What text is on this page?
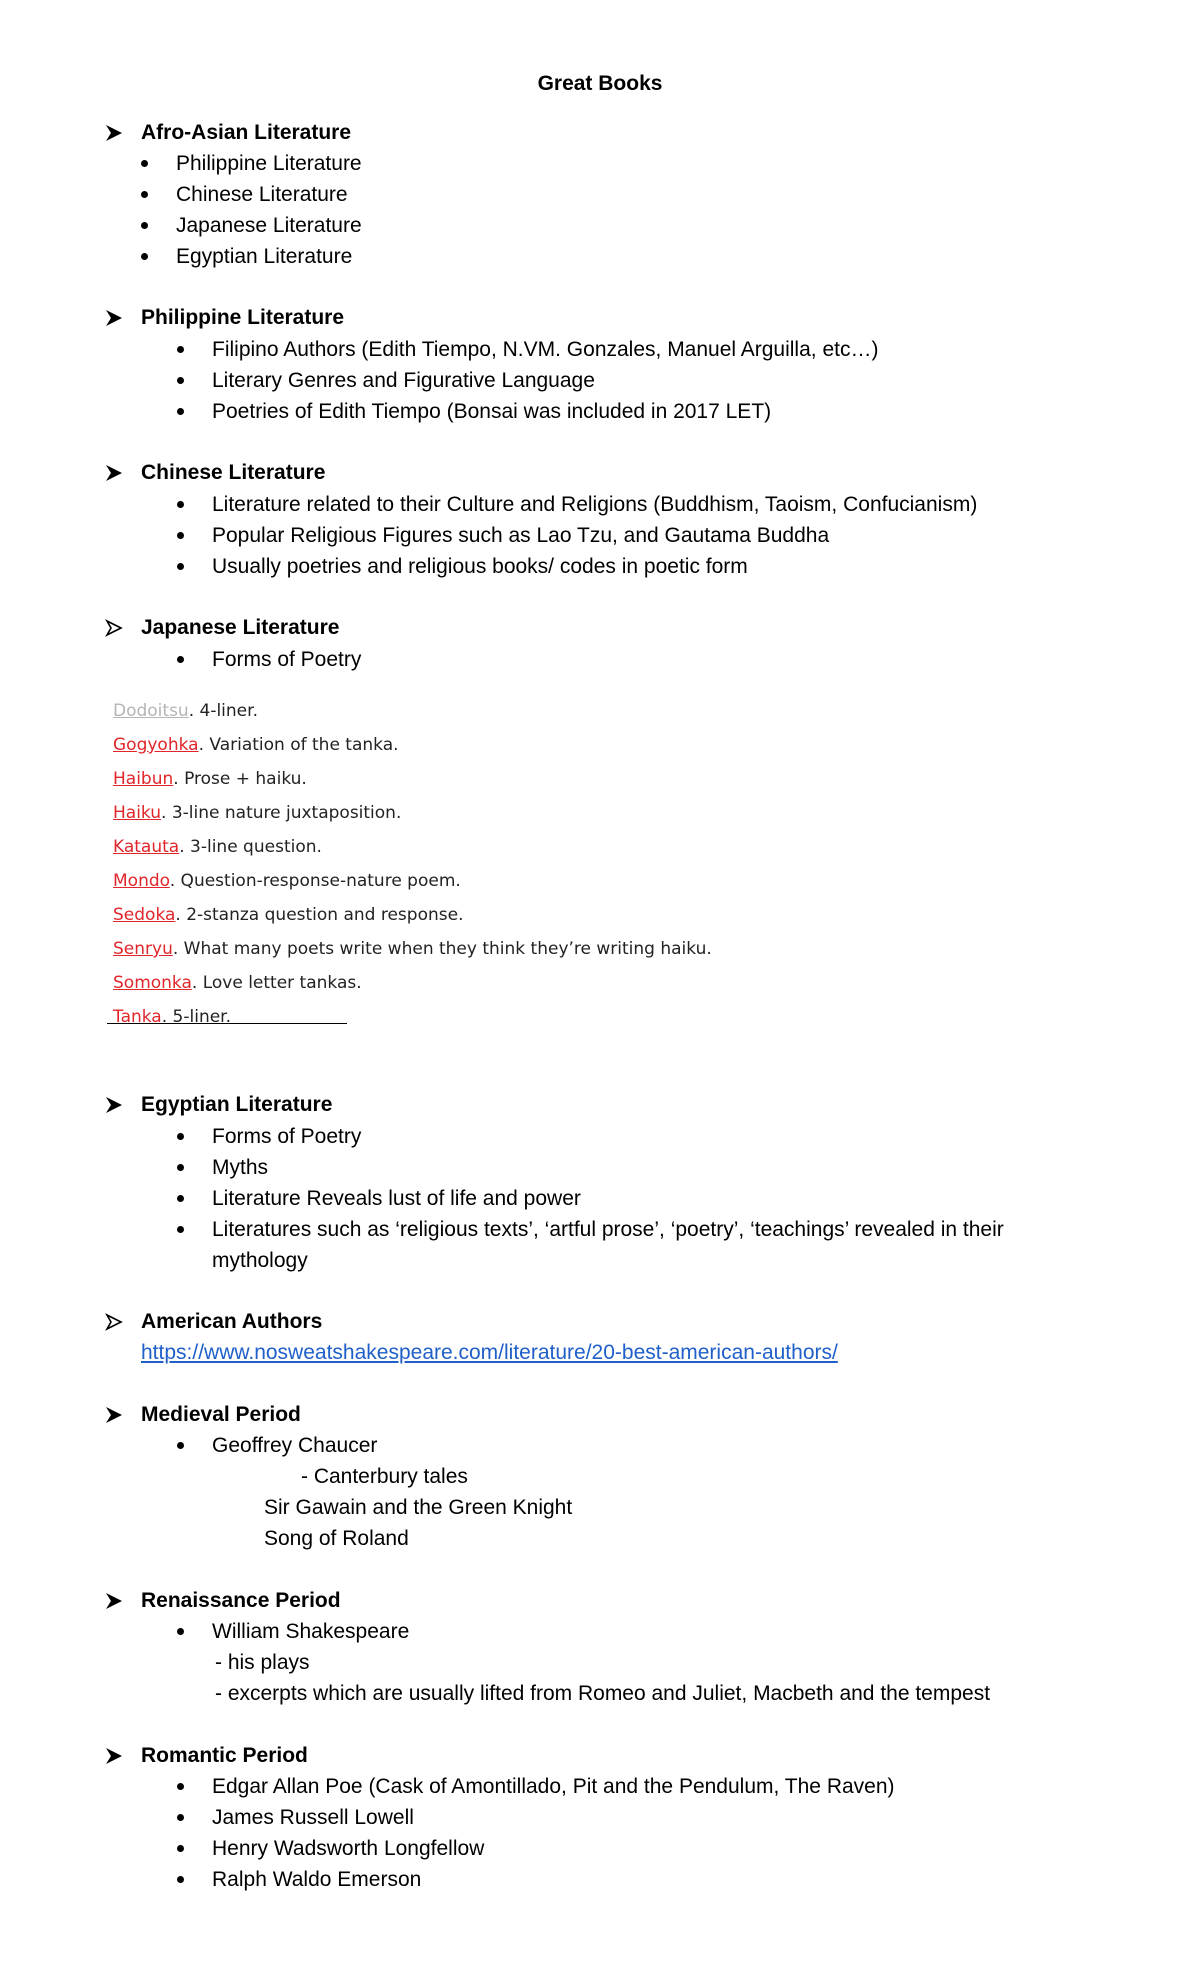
Great Books
Afro-Asian Literature
Philippine Literature
Chinese Literature
Japanese Literature
Egyptian Literature
Philippine Literature
Filipino Authors (Edith Tiempo, N.VM. Gonzales, Manuel Arguilla, etc…)
Literary Genres and Figurative Language
Poetries of Edith Tiempo (Bonsai was included in 2017 LET)
Chinese Literature
Literature related to their Culture and Religions (Buddhism, Taoism, Confucianism)
Popular Religious Figures such as Lao Tzu, and Gautama Buddha
Usually poetries and religious books/ codes in poetic form
Japanese Literature
Forms of Poetry
Dodoitsu. 4-liner.
Gogyohka. Variation of the tanka.
Haibun. Prose + haiku.
Haiku. 3-line nature juxtaposition.
Katauta. 3-line question.
Mondo. Question-response-nature poem.
Sedoka. 2-stanza question and response.
Senryu. What many poets write when they think they’re writing haiku.
Somonka. Love letter tankas.
Tanka. 5-liner.
Egyptian Literature
Forms of Poetry
Myths
Literature Reveals lust of life and power
Literatures such as ‘religious texts’, ‘artful prose’, ‘poetry’, ‘teachings’ revealed in their
mythology
American Authors
https://www.nosweatshakespeare.com/literature/20-best-american-authors/
Medieval Period
Geoffrey Chaucer
- Canterbury tales
Sir Gawain and the Green Knight
Song of Roland
Renaissance Period
William Shakespeare
- his plays
- excerpts which are usually lifted from Romeo and Juliet, Macbeth and the tempest
Romantic Period
Edgar Allan Poe (Cask of Amontillado, Pit and the Pendulum, The Raven)
James Russell Lowell
Henry Wadsworth Longfellow
Ralph Waldo Emerson
